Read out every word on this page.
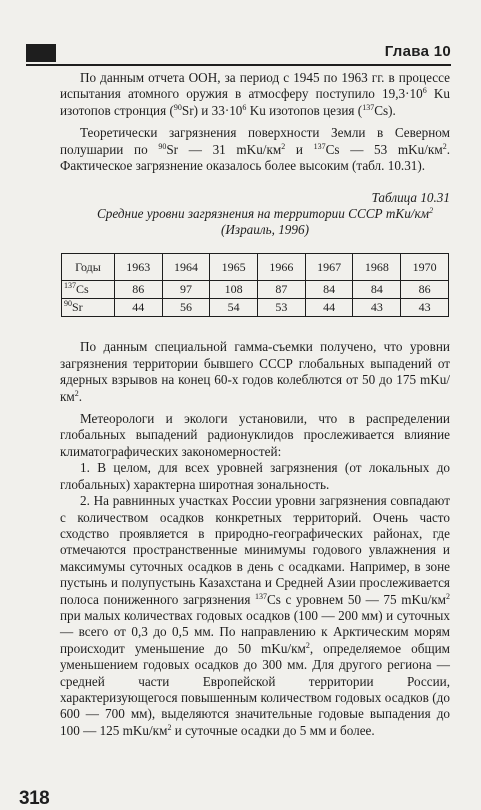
Глава 10

По данным отчета ООН, за период с 1945 по 1963 гг. в процессе испытания атомного оружия в атмосферу поступило $19,3\cdot 10^6$ Ku изотопов стронция ($^{90}$Sr) и $33\cdot 10^6$ Ku изотопов цезия ($^{137}$Cs).

Теоретически загрязнения поверхности Земли в Северном полушарии по $^{90}$Sr — 31 mKu/$км^2$ и $^{137}$Cs — 53 mKu/$км^2$. Фактическое загрязнение оказалось более высоким (табл. 10.31).

Таблица 10.31
Средние уровни загрязнения на территории СССР mKu/$км^2$ (Израиль, 1996)
Годы	1963	1964	1965	1966	1967	1968	1970
$^{137}$Cs	86	97	108	87	84	84	86
$^{90}$Sr	44	56	54	53	44	43	43

По данным специальной гамма-съемки получено, что уровни загрязнения территории бывшего СССР глобальных выпадений от ядерных взрывов на конец 60-х годов колеблются от 50 до 175 mKu/$км^2$.

Метеорологи и экологи установили, что в распределении глобальных выпадений радионуклидов прослеживается влияние климатографических закономерностей:

1. В целом, для всех уровней загрязнения (от локальных до глобальных) характерна широтная зональность.

2. На равнинных участках России уровни загрязнения совпадают с количеством осадков конкретных территорий. Очень часто сходство проявляется в природно-географических районах, где отмечаются пространственные минимумы годового увлажнения и максимумы суточных осадков в день с осадками. Например, в зоне пустынь и полупустынь Казахстана и Средней Азии прослеживается полоса пониженного загрязнения $^{137}$Cs с уровнем 50 — 75 mKu/$км^2$ при малых количествах годовых осадков (100 — 200 мм) и суточных — всего от 0,3 до 0,5 мм. По направлению к Арктическим морям происходит уменьшение до 50 mKu/$км^2$, определяемое общим уменьшением годовых осадков до 300 мм. Для другого региона — средней части Европейской территории России, характеризующегося повышенным количеством годовых осадков (до 600 — 700 мм), выделяются значительные годовые выпадения до 100 — 125 mKu/$км^2$ и суточные осадки до 5 мм и более.

318
